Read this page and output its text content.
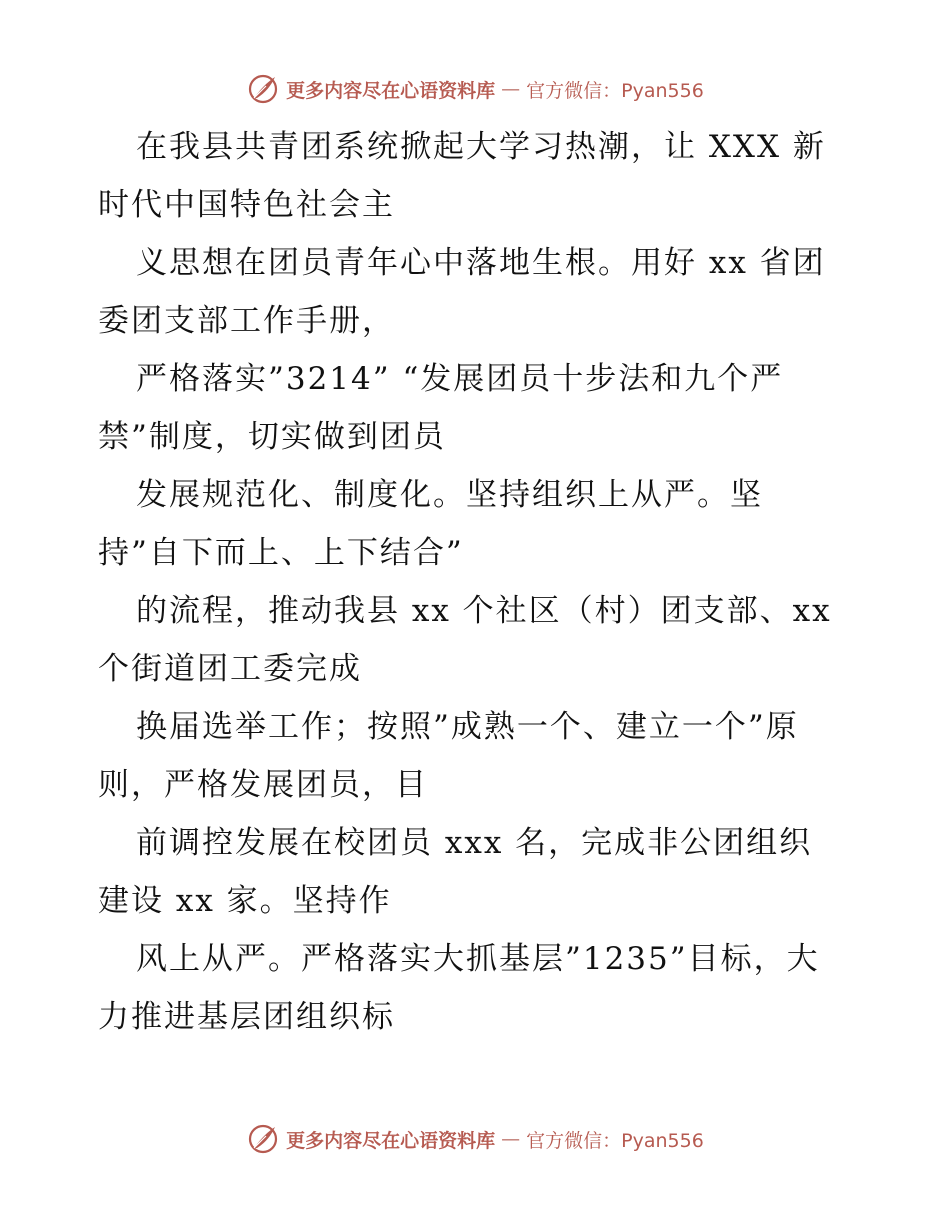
更多内容尽在心语资料库 — 官方微信：Pyan556
在我县共青团系统掀起大学习热潮，让 XXX 新
时代中国特色社会主
义思想在团员青年心中落地生根。用好 xx 省团
委团支部工作手册，
严格落实”3214” “发展团员十步法和九个严
禁”制度，切实做到团员
发展规范化、制度化。坚持组织上从严。坚
持”自下而上、上下结合”
的流程，推动我县 xx 个社区（村）团支部、xx
个街道团工委完成
换届选举工作；按照”成熟一个、建立一个”原
则，严格发展团员，目
前调控发展在校团员 xxx 名，完成非公团组织
建设 xx 家。坚持作
风上从严。严格落实大抓基层”1235”目标，大
力推进基层团组织标
更多内容尽在心语资料库 — 官方微信：Pyan556
